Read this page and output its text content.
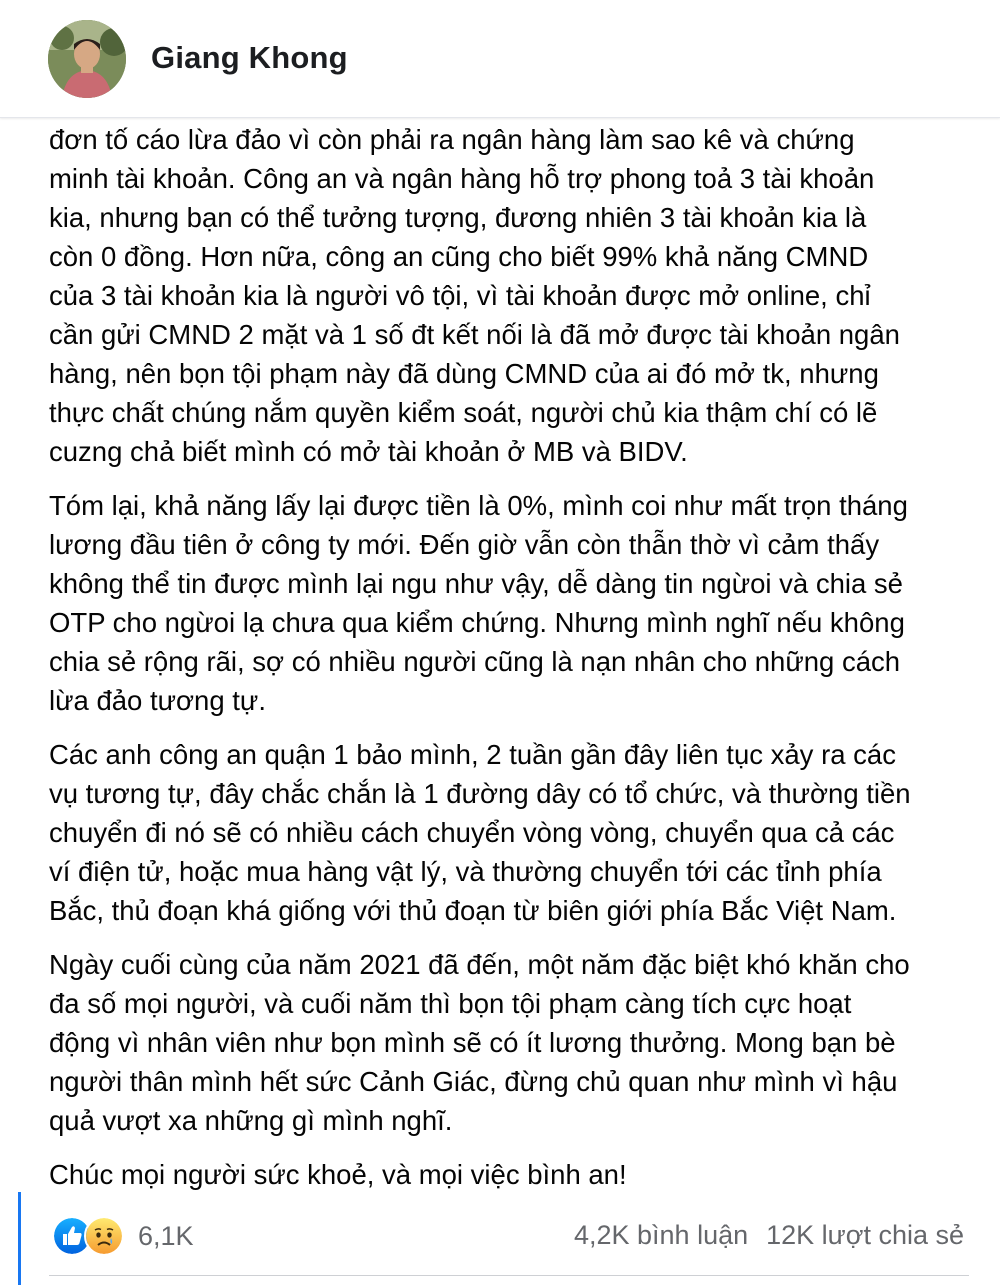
Giang Khong

đơn tố cáo lừa đảo vì còn phải ra ngân hàng làm sao kê và chứng
minh tài khoản. Công an và ngân hàng hỗ trợ phong toả 3 tài khoản
kia, nhưng bạn có thể tưởng tượng, đương nhiên 3 tài khoản kia là
còn 0 đồng. Hơn nữa, công an cũng cho biết 99% khả năng CMND
của 3 tài khoản kia là người vô tội, vì tài khoản được mở online, chỉ
cần gửi CMND 2 mặt và 1 số đt kết nối là đã mở được tài khoản ngân
hàng, nên bọn tội phạm này đã dùng CMND của ai đó mở tk, nhưng
thực chất chúng nắm quyền kiểm soát, người chủ kia thậm chí có lẽ
cuzng chả biết mình có mở tài khoản ở MB và BIDV.

Tóm lại, khả năng lấy lại được tiền là 0%, mình coi như mất trọn tháng
lương đầu tiên ở công ty mới. Đến giờ vẫn còn thẫn thờ vì cảm thấy
không thể tin được mình lại ngu như vậy, dễ dàng tin ngừoi và chia sẻ
OTP cho ngừoi lạ chưa qua kiểm chứng. Nhưng mình nghĩ nếu không
chia sẻ rộng rãi, sợ có nhiều người cũng là nạn nhân cho những cách
lừa đảo tương tự.

Các anh công an quận 1 bảo mình, 2 tuần gần đây liên tục xảy ra các
vụ tương tự, đây chắc chắn là 1 đường dây có tổ chức, và thường tiền
chuyển đi nó sẽ có nhiều cách chuyển vòng vòng, chuyển qua cả các
ví điện tử, hoặc mua hàng vật lý, và thường chuyển tới các tỉnh phía
Bắc, thủ đoạn khá giống với thủ đoạn từ biên giới phía Bắc Việt Nam.

Ngày cuối cùng của năm 2021 đã đến, một năm đặc biệt khó khăn cho
đa số mọi người, và cuối năm thì bọn tội phạm càng tích cực hoạt
động vì nhân viên như bọn mình sẽ có ít lương thưởng. Mong bạn bè
người thân mình hết sức Cảnh Giác, đừng chủ quan như mình vì hậu
quả vượt xa những gì mình nghĩ.

Chúc mọi người sức khoẻ, và mọi việc bình an!

6,1K	4,2K bình luận 12K lượt chia sẻ
